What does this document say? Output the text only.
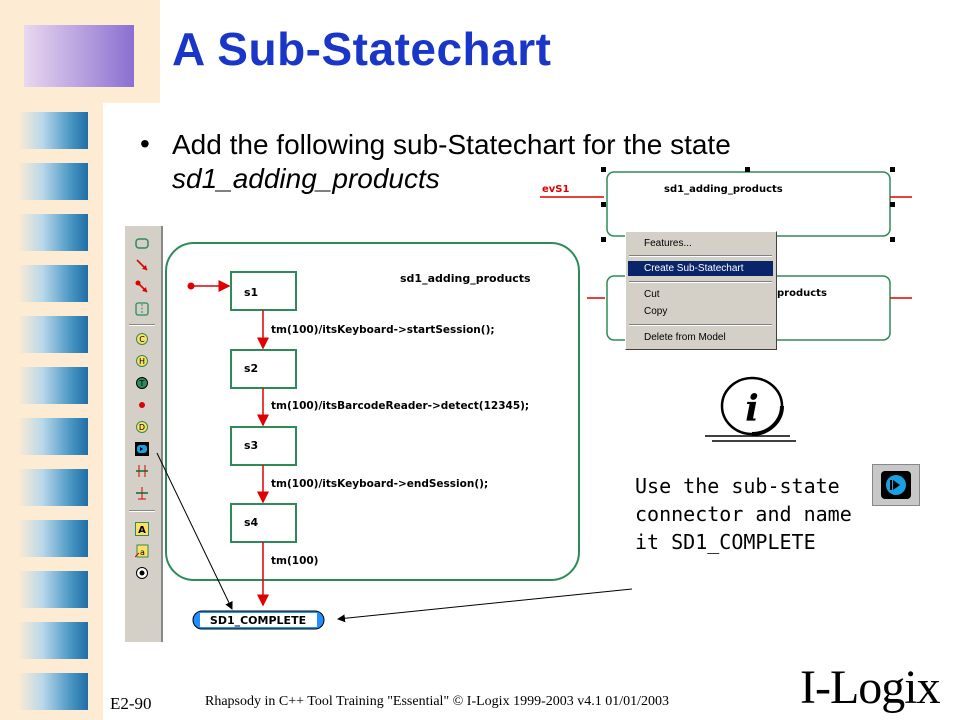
A Sub-Statechart
• Add the following sub-Statechart for the state
sd1_adding_products
C
H
T
D
A
a
sd1_adding_products
s1
s2
s3
s4
tm(100)/itsKeyboard->startSession();
tm(100)/itsBarcodeReader->detect(12345);
tm(100)/itsKeyboard->endSession();
tm(100)
SD1_COMPLETE
evS1	sd1_adding_products
products
i
Features...
Create Sub-Statechart
Cut
Copy
Delete from Model
Use the sub-state
connector and name
it SD1_COMPLETE
E2-90	Rhapsody in C++ Tool Training "Essential" © I-Logix 1999-2003 v4.1 01/01/2003	I-Logix
